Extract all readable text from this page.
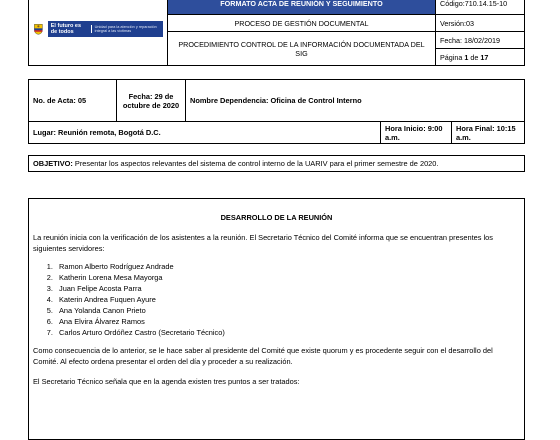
El futuro es de todos
Unidad para la atención y reparación integral a las víctimas	FORMATO ACTA DE REUNIÓN Y SEGUIMIENTO	Código:710.14.15-10
	PROCESO DE GESTIÓN DOCUMENTAL	Versión:03
	PROCEDIMIENTO CONTROL DE LA INFORMACIÓN DOCUMENTADA DEL SIG	Fecha: 18/02/2019
		Página 1 de 17
No. de Acta: 05	Fecha: 29 de octubre de 2020	Nombre Dependencia: Oficina de Control Interno		
Lugar: Reunión remota, Bogotá D.C.			Hora Inicio: 9:00 a.m.	Hora Final: 10:15 a.m.
OBJETIVO: Presentar los aspectos relevantes del sistema de control interno de la UARIV para el primer semestre de 2020.
DESARROLLO DE LA REUNIÓN

La reunión inicia con la verificación de los asistentes a la reunión. El Secretario Técnico del Comité informa que se encuentran presentes los siguientes servidores:

1. Ramon Alberto Rodríguez Andrade
2. Katherin Lorena Mesa Mayorga
3. Juan Felipe Acosta Parra
4. Katerin Andrea Fuquen Ayure
5. Ana Yolanda Canon Prieto
6. Ana Elvira Álvarez Ramos
7. Carlos Arturo Ordóñez Castro (Secretario Técnico)

Como consecuencia de lo anterior, se le hace saber al presidente del Comité que existe quorum y es procedente seguir con el desarrollo del Comité. Al efecto ordena presentar el orden del día y proceder a su realización.

El Secretario Técnico señala que en la agenda existen tres puntos a ser tratados:
